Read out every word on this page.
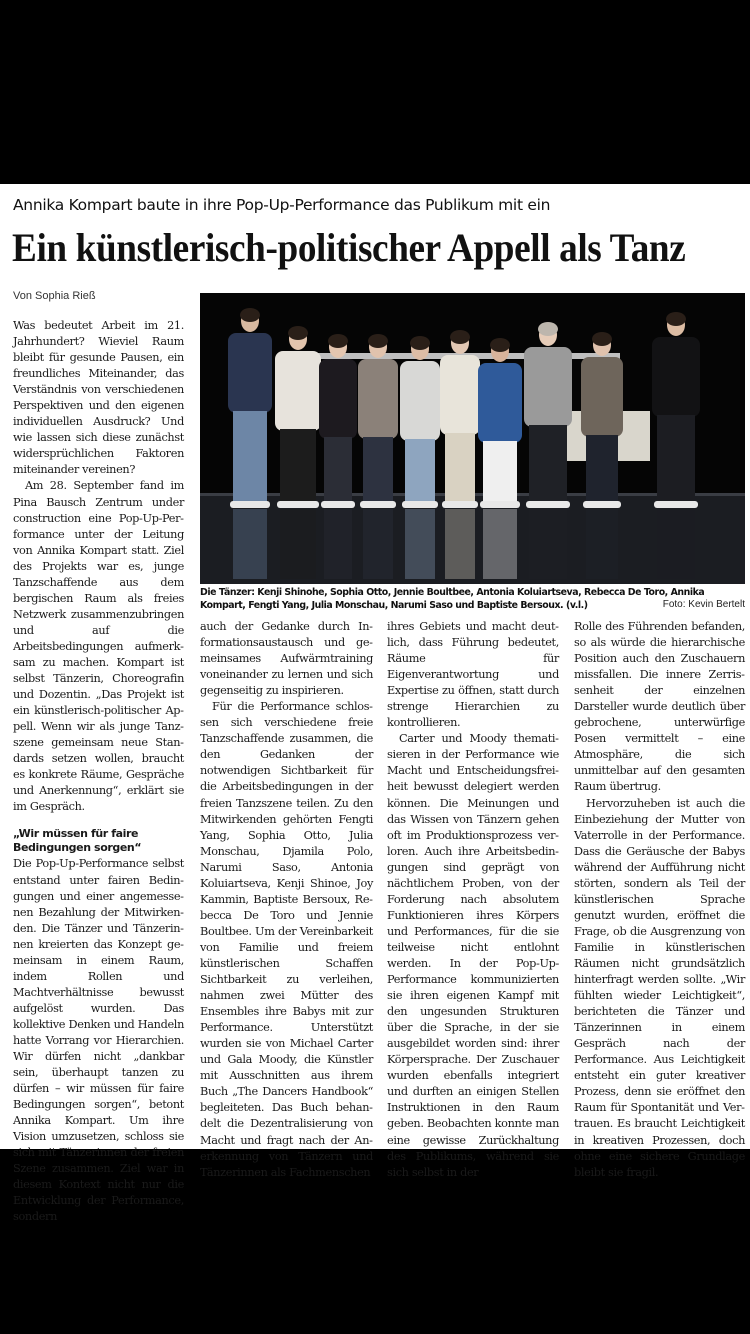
Annika Kompart baute in ihre Pop-Up-Performance das Publikum mit ein
Ein künstlerisch-politischer Appell als Tanz
Von Sophia Rieß

Was bedeutet Arbeit im 21. Jahrhundert? Wieviel Raum bleibt für gesunde Pausen, ein freundliches Miteinander, das Verständnis von verschiedenen Perspektiven und den eigenen individuellen Ausdruck? Und wie lassen sich diese zunächst widersprüchlichen Faktoren miteinander vereinen?

Am 28. September fand im Pina Bausch Zentrum under construction eine Pop-Up-Performance unter der Leitung von Annika Kompart statt. Ziel des Projekts war es, junge Tanzschaffende aus dem bergischen Raum als freies Netzwerk zusammenzubringen und auf die Arbeitsbedingungen aufmerksam zu machen. Kompart ist selbst Tänzerin, Choreografin und Dozentin. „Das Projekt ist ein künstlerisch-politischer Appell. Wenn wir als junge Tanzszene gemeinsam neue Standards setzen wollen, braucht es konkrete Räume, Gespräche und Anerkennung“, erklärt sie im Gespräch.

„Wir müssen für faire Bedingungen sorgen“

Die Pop-Up-Performance selbst entstand unter fairen Bedingungen und einer angemessenen Bezahlung der Mitwirkenden. Die Tänzer und Tänzerinnen kreierten das Konzept gemeinsam in einem Raum, indem Rollen und Machtverhältnisse bewusst aufgelöst wurden. Das kollektive Denken und Handeln hatte Vorrang vor Hierarchien. Wir dürfen nicht „dankbar sein, überhaupt tanzen zu dürfen – wir müssen für faire Bedingungen sorgen“, betont Annika Kompart. Um ihre Vision umzusetzen, schloss sie sich mit Tänzerinnen der freien Szene zusammen. Ziel war in diesem Kontext nicht nur die Entwicklung der Performance, sondern

Die Tänzer: Kenji Shinohe, Sophia Otto, Jennie Boultbee, Antonia Koluiartseva, Rebecca De Toro, Annika Kompart, Fengti Yang, Julia Monschau, Narumi Saso und Baptiste Bersoux. (v.l.)	Foto: Kevin Bertelt

auch der Gedanke durch Informationsaustausch und gemeinsames Aufwärmtraining voneinander zu lernen und sich gegenseitig zu inspirieren.

Für die Performance schlossen sich verschiedene freie Tanzschaffende zusammen, die den Gedanken der notwendigen Sichtbarkeit für die Arbeitsbedingungen in der freien Tanzszene teilen. Zu den Mitwirkenden gehörten Fengti Yang, Sophia Otto, Julia Monschau, Djamila Polo, Narumi Saso, Antonia Koluiartseva, Kenji Shinoe, Joy Kammin, Baptiste Bersoux, Rebecca De Toro und Jennie Boultbee. Um der Vereinbarkeit von Familie und freiem künstlerischen Schaffen Sichtbarkeit zu verleihen, nahmen zwei Mütter des Ensembles ihre Babys mit zur Performance. Unterstützt wurden sie von Michael Carter und Gala Moody, die Künstler mit Ausschnitten aus ihrem Buch „The Dancers Handbook“ begleiteten. Das Buch behandelt die Dezentralisierung von Macht und fragt nach der Anerkennung von Tänzern und Tänzerinnen als Fachmenschen

ihres Gebiets und macht deutlich, dass Führung bedeutet, Räume für Eigenverantwortung und Expertise zu öffnen, statt durch strenge Hierarchien zu kontrollieren.

Carter und Moody thematisieren in der Performance wie Macht und Entscheidungsfreiheit bewusst delegiert werden können. Die Meinungen und das Wissen von Tänzern gehen oft im Produktionsprozess verloren. Auch ihre Arbeitsbedingungen sind geprägt von nächtlichem Proben, von der Forderung nach absolutem Funktionieren ihres Körpers und Performances, für die sie teilweise nicht entlohnt werden. In der Pop-Up-Performance kommunizierten sie ihren eigenen Kampf mit den ungesunden Strukturen über die Sprache, in der sie ausgebildet worden sind: ihrer Körpersprache. Der Zuschauer wurden ebenfalls integriert und durften an einigen Stellen Instruktionen in den Raum geben. Beobachten konnte man eine gewisse Zurückhaltung des Publikums, während sie sich selbst in der

Rolle des Führenden befanden, so als würde die hierarchische Position auch den Zuschauern missfallen. Die innere Zerrissenheit der einzelnen Darsteller wurde deutlich über gebrochene, unterwürfige Posen vermittelt – eine Atmosphäre, die sich unmittelbar auf den gesamten Raum übertrug.

Hervorzuheben ist auch die Einbeziehung der Mutter von Vaterrolle in der Performance. Dass die Geräusche der Babys während der Aufführung nicht störten, sondern als Teil der künstlerischen Sprache genutzt wurden, eröffnet die Frage, ob die Ausgrenzung von Familie in künstlerischen Räumen nicht grundsätzlich hinterfragt werden sollte. „Wir fühlten wieder Leichtigkeit“, berichteten die Tänzer und Tänzerinnen in einem Gespräch nach der Performance. Aus Leichtigkeit entsteht ein guter kreativer Prozess, denn sie eröffnet den Raum für Spontanität und Vertrauen. Es braucht Leichtigkeit in kreativen Prozessen, doch ohne eine sichere Grundlage bleibt sie fragil.
